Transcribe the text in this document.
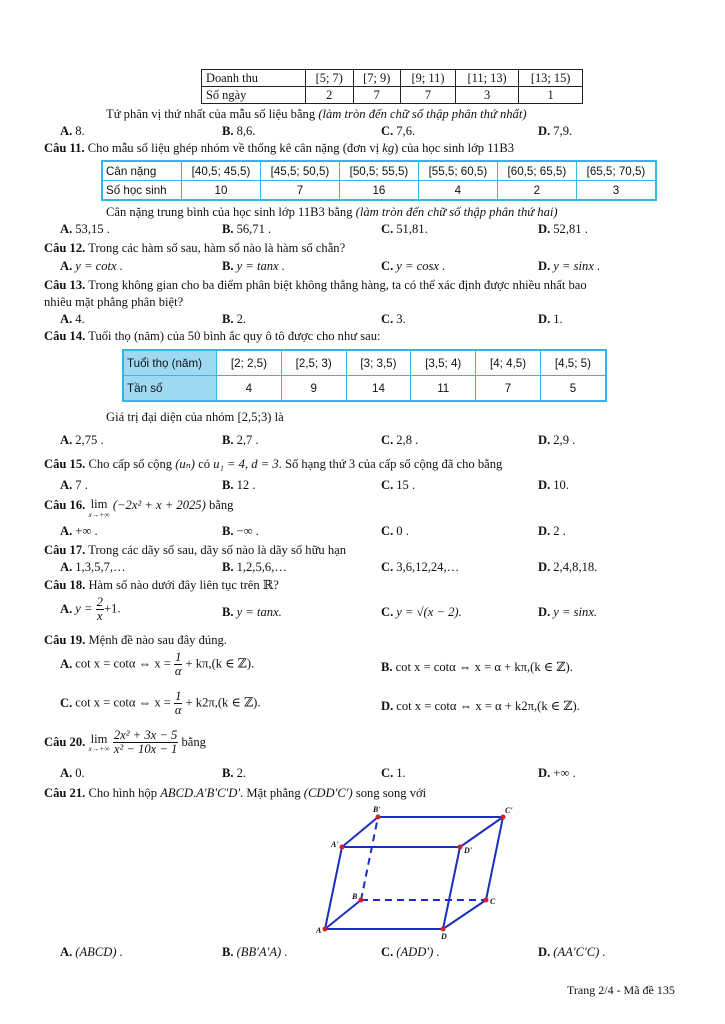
Doanh thu	[5; 7)	[7; 9)	[9; 11)	[11; 13)	[13; 15)
Số ngày	2	7	7	3	1
Tứ phân vị thứ nhất của mẫu số liệu bằng (làm tròn đến chữ số thập phân thứ nhất)
A. 8.	B. 8,6.	C. 7,6.	D. 7,9.
Câu 11. Cho mẫu số liệu ghép nhóm về thống kê cân nặng (đơn vị kg) của học sinh lớp 11B3
Cân nặng	[40,5; 45,5)	[45,5; 50,5)	[50,5; 55,5)	[55,5; 60,5)	[60,5; 65,5)	[65,5; 70,5)
Số học sinh	10	7	16	4	2	3
Cân nặng trung bình của học sinh lớp 11B3 bằng (làm tròn đến chữ số thập phân thứ hai)
A. 53,15 .	B. 56,71 .	C. 51,81.	D. 52,81 .
Câu 12. Trong các hàm số sau, hàm số nào là hàm số chẵn?
A. y = cotx .	B. y = tanx .	C. y = cosx .	D. y = sinx .
Câu 13. Trong không gian cho ba điểm phân biệt không thẳng hàng, ta có thể xác định được nhiều nhất bao
nhiêu mặt phẳng phân biệt?
A. 4.	B. 2.	C. 3.	D. 1.
Câu 14. Tuổi thọ (năm) của 50 bình ắc quy ô tô được cho như sau:
Tuổi thọ (năm)	[2; 2,5)	[2,5; 3)	[3; 3,5)	[3,5; 4)	[4; 4,5)	[4,5; 5)
Tần số	4	9	14	11	7	5
Giá trị đại diện của nhóm [2,5;3) là
A. 2,75 .	B. 2,7 .	C. 2,8 .	D. 2,9 .
Câu 15. Cho cấp số cộng (uₙ) có u₁ = 4, d = 3. Số hạng thứ 3 của cấp số cộng đã cho bằng
A. 7 .	B. 12 .	C. 15 .	D. 10.
Câu 16. lim
x→+∞
(−2x² + x + 2025) bằng
A. +∞ .	B. −∞ .	C. 0 .	D. 2 .
Câu 17. Trong các dãy số sau, dãy số nào là dãy số hữu hạn
A. 1,3,5,7,…	B. 1,2,5,6,…	C. 3,6,12,24,…	D. 2,4,8,18.
Câu 18. Hàm số nào dưới đây liên tục trên ℝ?
A. $y = \frac{2}{x} +1$.	B. y = tanx.	C. y = √(x − 2).	D. y = sinx.
Câu 19. Mệnh đề nào sau đây đúng.
A. cot x = cotα ⇔ $x = \frac{1}{\alpha} + k\pi,(k$ ∈ ℤ).	B. cot x = cotα ⇔ x = α + kπ,(k ∈ ℤ).
C. cot x = cotα ⇔ $x = \frac{1}{\alpha} + k2\pi,(k$ ∈ ℤ).	D. cot x = cotα ⇔ x = α + k2π,(k ∈ ℤ).
Câu 20. lim
x→+∞
$\frac{\text{2x² + 3x − 5}}{\text{x² − 10x − 1}}$ bằng
A. 0.	B. 2.	C. 1.	D. +∞ .
Câu 21. Cho hình hộp ABCD.A′B′C′D′. Mặt phẳng (CDD′C′) song song với
B'	C'
A'
D'
B
C
A
D
A. (ABCD) .	B. (BB′A′A) .	C. (ADD′) .	D. (AA′C′C) .
Trang 2/4 - Mã đề 135
